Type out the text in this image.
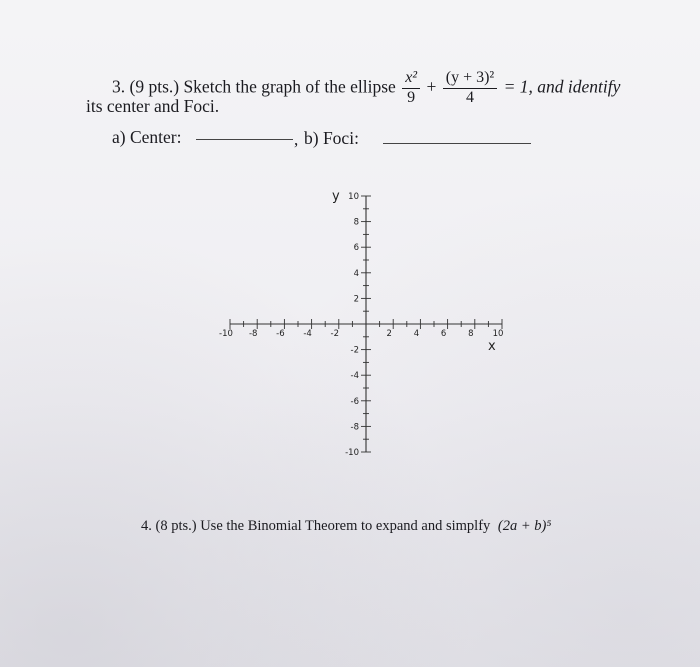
3. (9 pts.) Sketch the graph of the ellipse $\frac{\text{x²}}{9} + \frac{\text{(y + 3)²}}{4} = 1$, and identify
its center and Foci.
a) Center:	, b) Foci:
-10 -8 -6 -4 -2	2	4	6	8 10
10
8
6
4
2
-2
-4
-6
-8
-10
x
y
4. (8 pts.) Use the Binomial Theorem to expand and simplfy (2a + b)⁵
